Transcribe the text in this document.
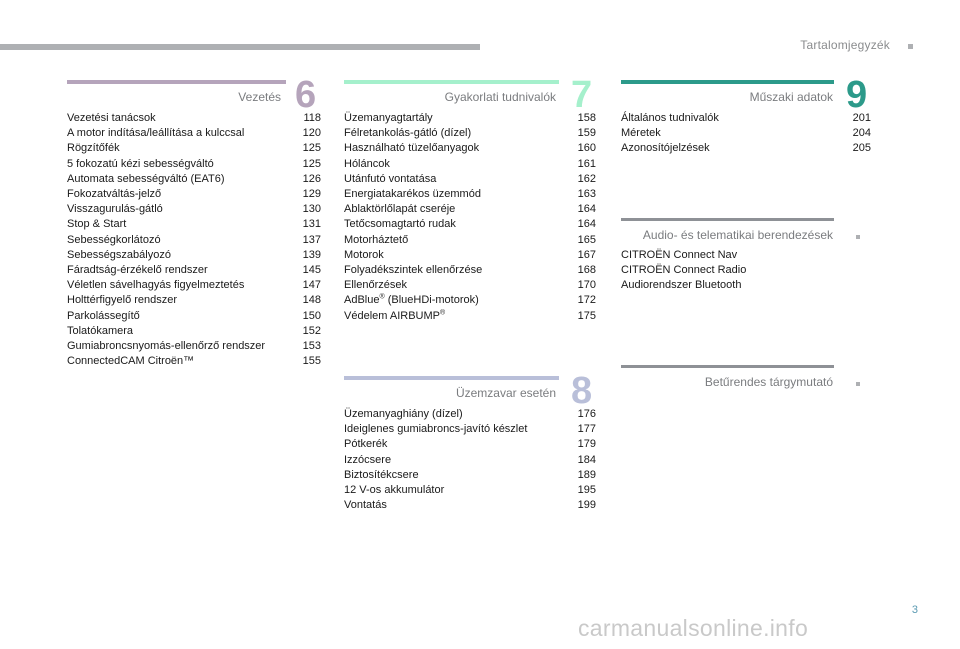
Tartalomjegyzék
Vezetés 6
Vezetési tanácsok	118
A motor indítása/leállítása a kulccsal	120
Rögzítőfék	125
5 fokozatú kézi sebességváltó	125
Automata sebességváltó (EAT6)	126
Fokozatváltás-jelző	129
Visszagurulás-gátló	130
Stop & Start	131
Sebességkorlátozó	137
Sebességszabályozó	139
Fáradtság-érzékelő rendszer	145
Véletlen sávelhagyás figyelmeztetés	147
Holttérfigyelő rendszer	148
Parkolássegítő	150
Tolatókamera	152
Gumiabroncsnyomás-ellenőrző rendszer	153
ConnectedCAM Citroën™	155
Gyakorlati tudnivalók 7
Üzemanyagtartály	158
Félretankolás-gátló (dízel)	159
Használható tüzelőanyagok	160
Hóláncok	161
Utánfutó vontatása	162
Energiatakarékos üzemmód	163
Ablaktörlőlapát cseréje	164
Tetőcsomagtartó rudak	164
Motorháztető	165
Motorok	167
Folyadékszintek ellenőrzése	168
Ellenőrzések	170
AdBlue® (BlueHDi-motorok)	172
Védelem AIRBUMP®	175
Üzemzavar esetén 8
Üzemanyaghiány (dízel)	176
Ideiglenes gumiabroncs-javító készlet	177
Pótkerék	179
Izzócsere	184
Biztosítékcsere	189
12 V-os akkumulátor	195
Vontatás	199
Műszaki adatok 9
Általános tudnivalók	201
Méretek	204
Azonosítójelzések	205
Audio- és telematikai berendezések
CITROËN Connect Nav
CITROËN Connect Radio
Audiorendszer Bluetooth
Betűrendes tárgymutató
3
carmanualsonline.info
